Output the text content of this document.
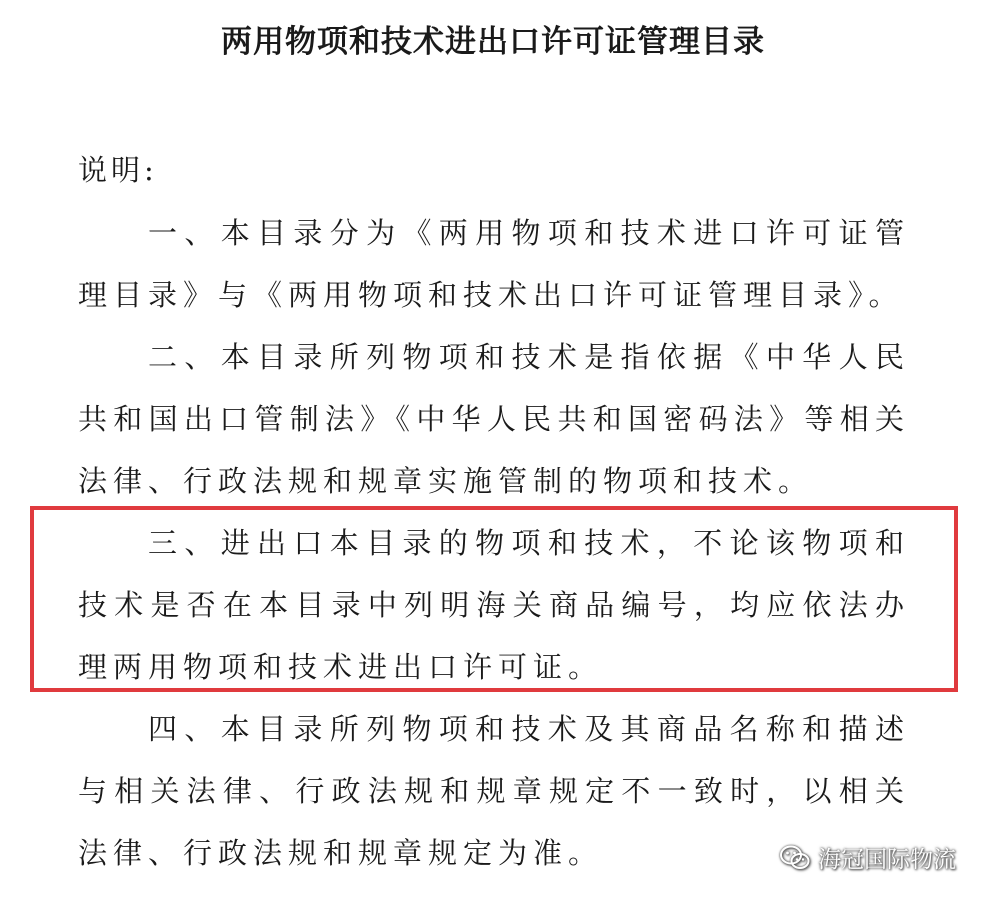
两用物项和技术进出口许可证管理目录

说明:

一、本目录分为《两用物项和技术进口许可证管理目录》与《两用物项和技术出口许可证管理目录》。

二、本目录所列物项和技术是指依据《中华人民共和国出口管制法》《中华人民共和国密码法》等相关法律、行政法规和规章实施管制的物项和技术。

三、进出口本目录的物项和技术，不论该物项和技术是否在本目录中列明海关商品编号，均应依法办理两用物项和技术进出口许可证。

四、本目录所列物项和技术及其商品名称和描述与相关法律、行政法规和规章规定不一致时，以相关法律、行政法规和规章规定为准。	海冠国际物流
